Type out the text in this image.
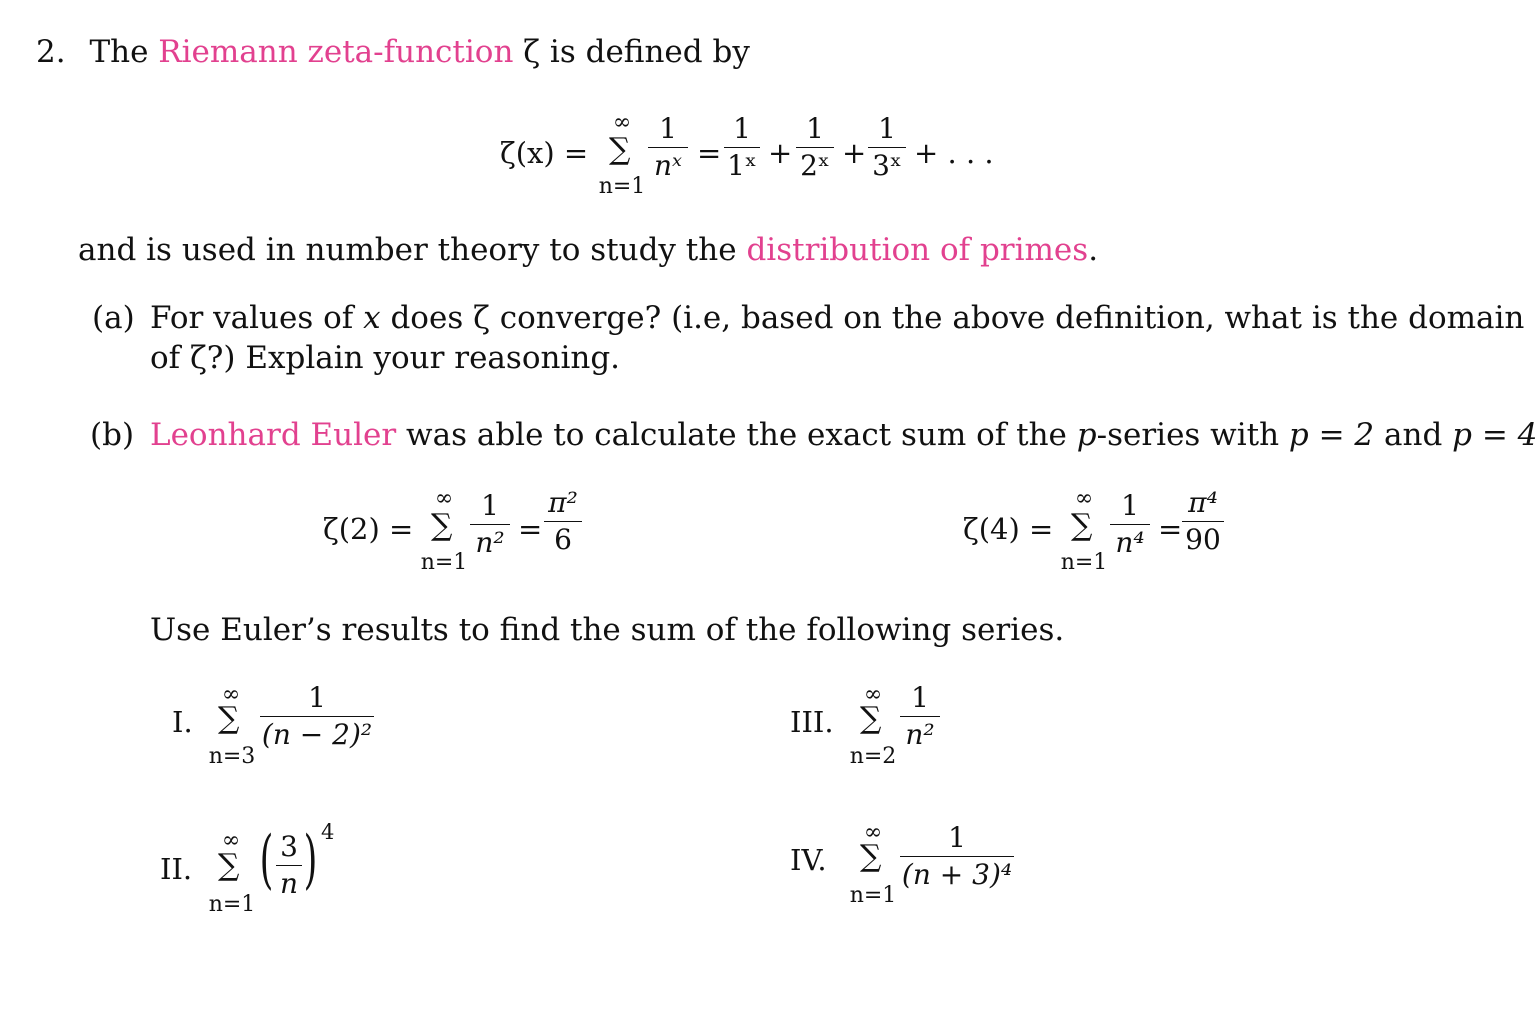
2. The Riemann zeta-function ζ is defined by
ζ(x) =
∞
∑
n=1
1
nˣ =
1
1ˣ +
1
2ˣ +
1
3ˣ + . . .
and is used in number theory to study the distribution of primes.
(a) For values of x does ζ converge? (i.e, based on the above definition, what is the domain
of ζ?) Explain your reasoning.
(b) Leonhard Euler was able to calculate the exact sum of the p-series with p = 2 and p = 4
ζ(2) =
∞
∑
n=1
1
n² =
π²
6	ζ(4) =
∞
∑
n=1
1
n⁴ =
π⁴
90
Use Euler’s results to find the sum of the following series.
I.
∞
∑
n=3
1
(n − 2)²
II.
∞
∑
n=1
( 3
n ) 4
III.
∞
∑
n=2
1
n²
IV.
∞
∑
n=1
1
(n + 3)⁴
